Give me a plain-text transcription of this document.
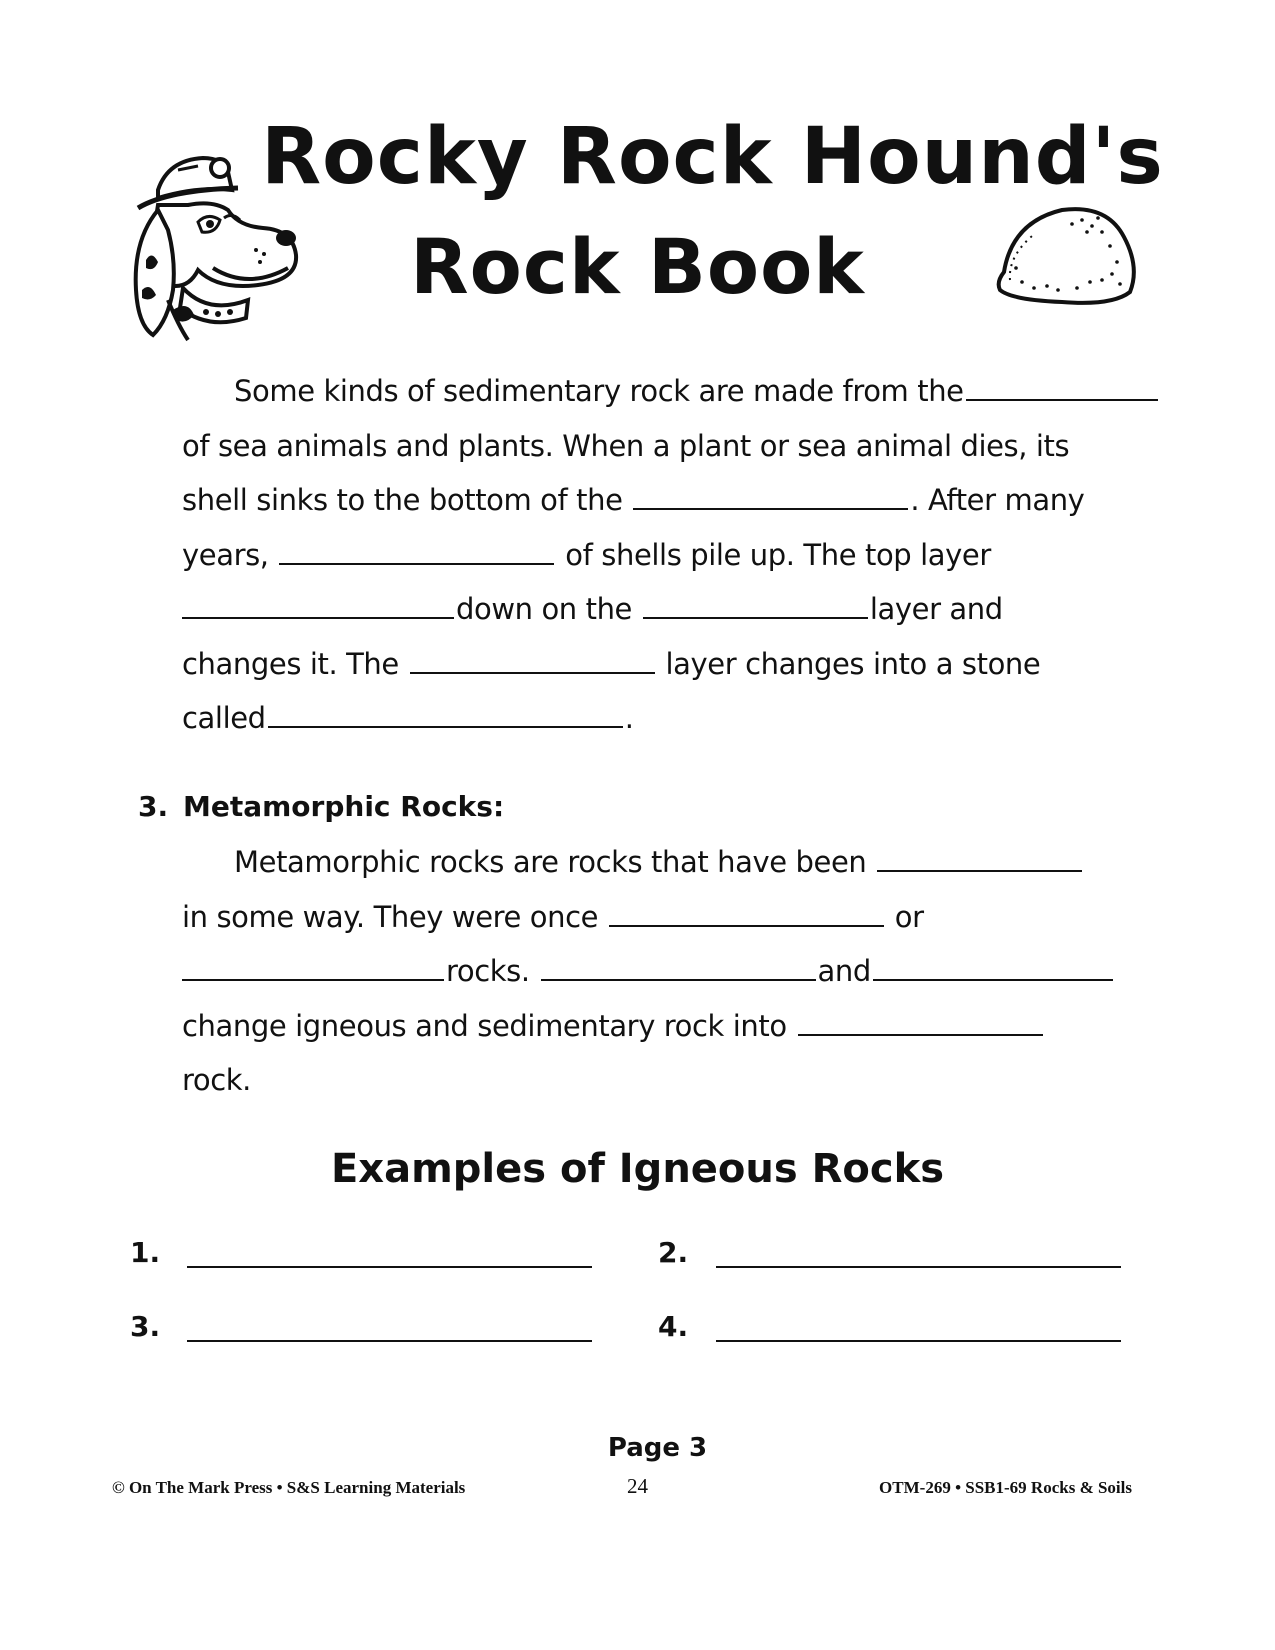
Rocky Rock Hound's
Rock Book
Some kinds of sedimentary rock are made from the
of sea animals and plants. When a plant or sea animal dies, its
shell sinks to the bottom of the	. After many
years,	of shells pile up. The top layer
down on the	layer and
changes it. The	layer changes into a stone
called	.
3. Metamorphic Rocks:
Metamorphic rocks are rocks that have been
in some way. They were once	or
rocks.	and
change igneous and sedimentary rock into
rock.
Examples of Igneous Rocks
1.	2.
3.	4.
Page 3
© On The Mark Press • S&S Learning Materials	24	OTM-269 • SSB1-69 Rocks & Soils
